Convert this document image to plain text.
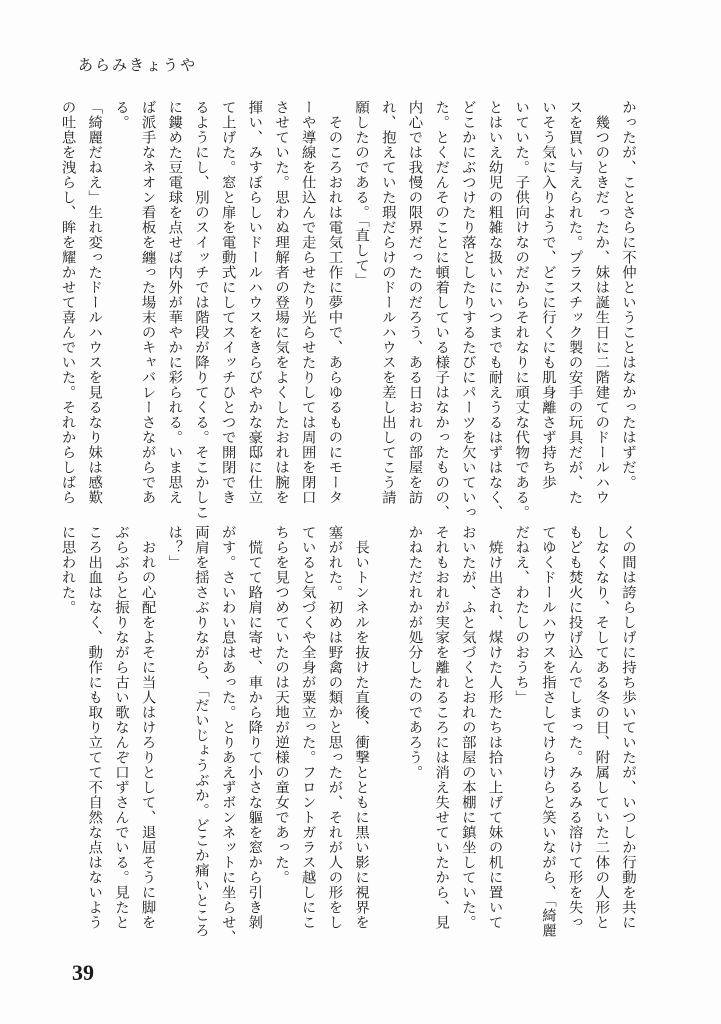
あらみきょうや
かったが、ことさらに不仲ということはなかったはずだ。
　幾つのときだったか、妹は誕生日に二階建てのドールハウ
スを買い与えられた。プラスチック製の安手の玩具だが、た
いそう気に入りようで、どこに行くにも肌身離さず持ち歩
いていた。子供向けなのだからそれなりに頑丈な代物である。
とはいえ幼児の粗雑な扱いにいつまでも耐えうるはずはなく、
どこかにぶつけたり落としたりするたびにパーツを欠いていっ
た。とくだんそのことに頓着している様子はなかったものの、
内心では我慢の限界だったのだろう、ある日おれの部屋を訪
れ、抱えていた瑕だらけのドールハウスを差し出してこう請
願したのである。「直して」
　そのころおれは電気工作に夢中で、あらゆるものにモータ
ーや導線を仕込んで走らせたり光らせたりしては周囲を閉口
させていた。思わぬ理解者の登場に気をよくしたおれは腕を
揮い、みすぼらしいドールハウスをきらびやかな豪邸に仕立
て上げた。窓と扉を電動式にしてスイッチひとつで開閉でき
るようにし、別のスイッチでは階段が降りてくる。そこかしこ
に鏤めた豆電球を点せば内外が華やかに彩られる。いま思え
ば派手なネオン看板を纏った場末のキャバレーさながらであ
る。
「綺麗だねえ」生れ変ったドールハウスを見るなり妹は感歎
の吐息を洩らし、眸を耀かせて喜んでいた。それからしばら
くの間は誇らしげに持ち歩いていたが、いつしか行動を共に
しなくなり、そしてある冬の日、附属していた二体の人形と
もども焚火に投げ込んでしまった。みるみる溶けて形を失っ
てゆくドールハウスを指さしてけらけらと笑いながら、「綺麗
だねえ、わたしのおうち」
　焼け出され、煤けた人形たちは拾い上げて妹の机に置いて
おいたが、ふと気づくとおれの部屋の本棚に鎮坐していた。
それもおれが実家を離れるころには消え失せていたから、見
かねただれかが処分したのであろう。
　長いトンネルを抜けた直後、衝撃とともに黒い影に視界を
塞がれた。初めは野禽の類かと思ったが、それが人の形をし
ていると気づくや全身が粟立った。フロントガラス越しにこ
ちらを見つめていたのは天地が逆様の童女であった。
　慌てて路肩に寄せ、車から降りて小さな軀を窓から引き剝
がす。さいわい息はあった。とりあえずボンネットに坐らせ、
両肩を揺さぶりながら、「だいじょうぶか。どこか痛いところ
は？」
　おれの心配をよそに当人はけろりとして、退屈そうに脚を
ぶらぶらと振りながら古い歌なんぞ口ずさんでいる。見たと
ころ出血はなく、動作にも取り立てて不自然な点はないよう
に思われた。
39
